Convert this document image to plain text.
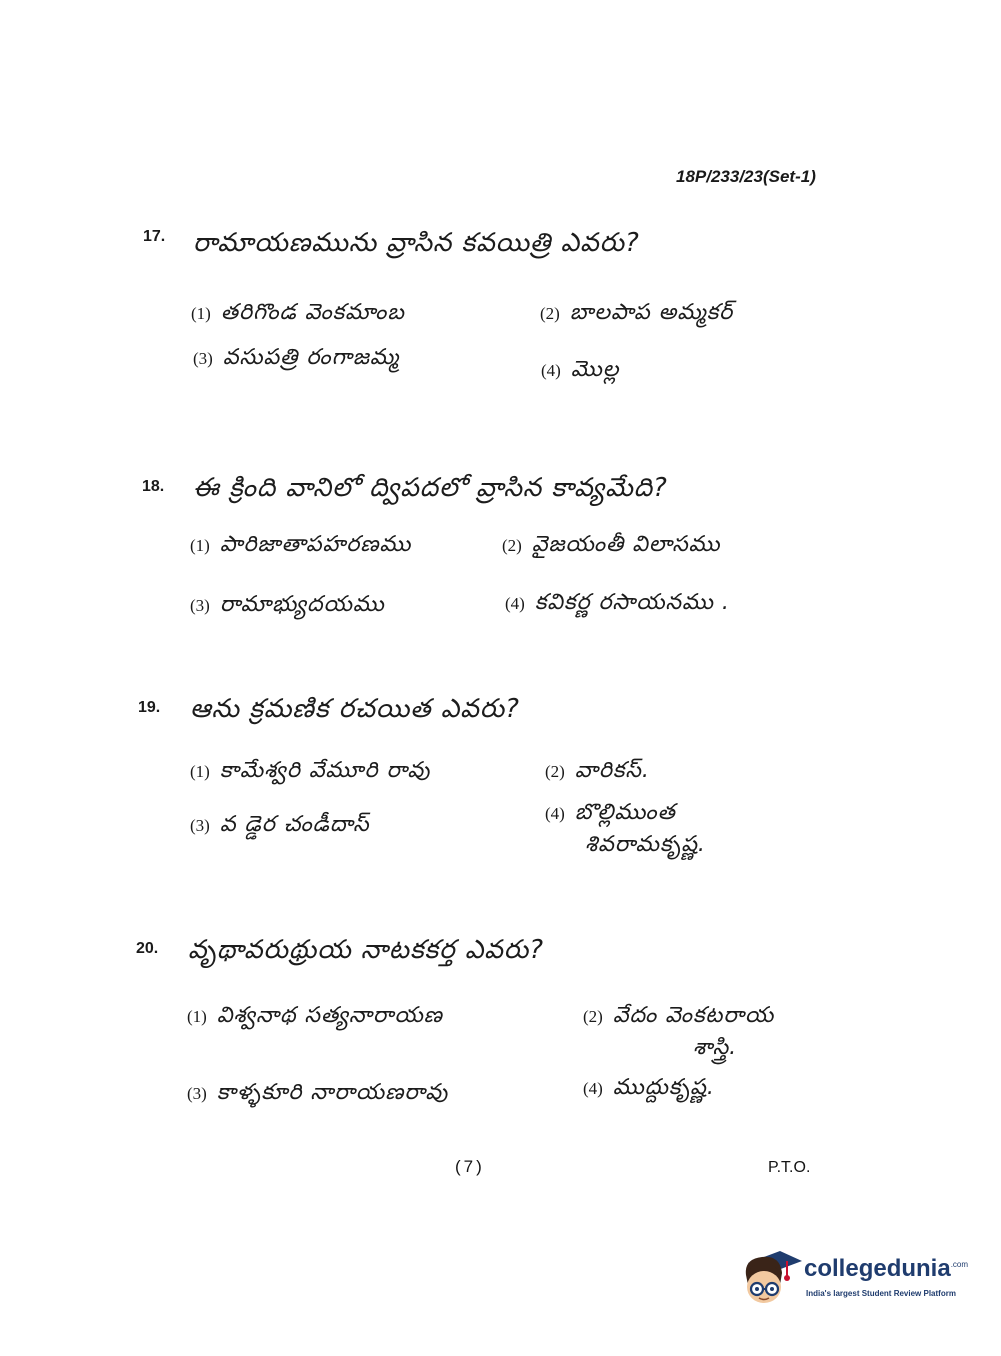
18P/233/23(Set-1)
17. రామాయణమును వ్రాసిన కవయిత్రి ఎవరు?
(1) తరిగొండ వెంకమాంబ	(2) బాలపాప అమ్మకర్
(3) వసుపత్రి రంగాజమ్మ
(4) మొల్ల
18. ఈ క్రింది వానిలో ద్విపదలో వ్రాసిన కావ్యమేది?
(1) పారిజాతాపహరణము	(2) వైజయంతీ విలాసము
(3) రామాభ్యుదయము	(4) కవికర్ణ రసాయనము .
19. ఆను క్రమణిక రచయిత ఎవరు?
(1) కామేశ్వరి వేమూరి రావు	(2) వారికస్.
(3) వ డ్డెర చండీదాస్	(4) బొల్లిముంత
శివరామకృష్ణ.
20. వృథావరుథ్రుయ నాటకకర్త ఎవరు?
(1) విశ్వనాథ సత్యనారాయణ	(2) వేదం వెంకటరాయ
శాస్త్రి.
(3) కాళ్ళకూరి నారాయణరావు	(4) ముద్దుకృష్ణ.
(7)	P.T.O.
collegedunia$^{.com}$
India's largest Student Review Platform
